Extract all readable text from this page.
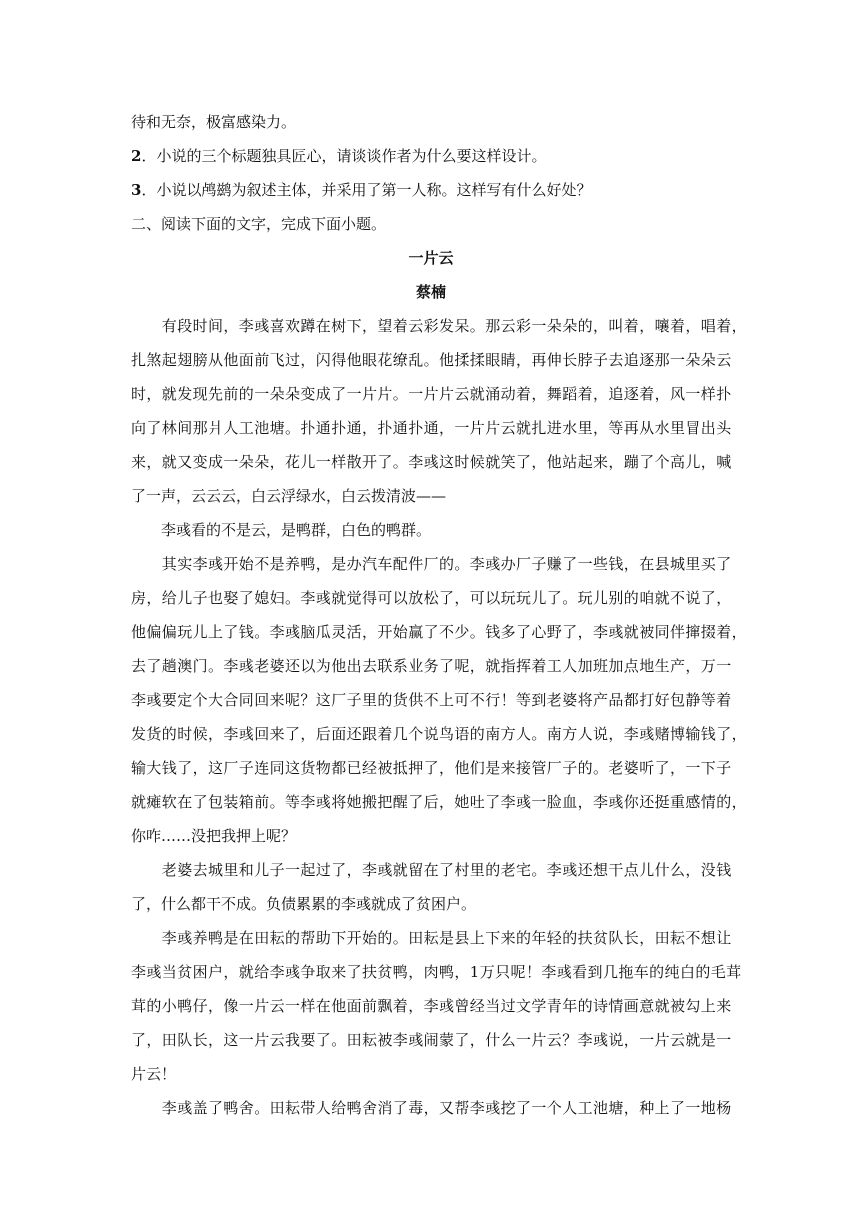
待和无奈，极富感染力。
2．小说的三个标题独具匠心，请谈谈作者为什么要这样设计。
3．小说以鸬鹚为叙述主体，并采用了第一人称。这样写有什么好处？
二、阅读下面的文字，完成下面小题。
一片云
蔡楠
　　有段时间，李彧喜欢蹲在树下，望着云彩发呆。那云彩一朵朵的，叫着，嚷着，唱着，
扎煞起翅膀从他面前飞过，闪得他眼花缭乱。他揉揉眼睛，再伸长脖子去追逐那一朵朵云
时，就发现先前的一朵朵变成了一片片。一片片云就涌动着，舞蹈着，追逐着，风一样扑
向了林间那爿人工池塘。扑通扑通，扑通扑通，一片片云就扎进水里，等再从水里冒出头
来，就又变成一朵朵，花儿一样散开了。李彧这时候就笑了，他站起来，蹦了个高儿，喊
了一声，云云云，白云浮绿水，白云拨清波——
　　李彧看的不是云，是鸭群，白色的鸭群。
　　其实李彧开始不是养鸭，是办汽车配件厂的。李彧办厂子赚了一些钱，在县城里买了
房，给儿子也娶了媳妇。李彧就觉得可以放松了，可以玩玩儿了。玩儿别的咱就不说了，
他偏偏玩儿上了钱。李彧脑瓜灵活，开始赢了不少。钱多了心野了，李彧就被同伴撺掇着，
去了趟澳门。李彧老婆还以为他出去联系业务了呢，就指挥着工人加班加点地生产，万一
李彧要定个大合同回来呢？这厂子里的货供不上可不行！等到老婆将产品都打好包静等着
发货的时候，李彧回来了，后面还跟着几个说鸟语的南方人。南方人说，李彧赌博输钱了，
输大钱了，这厂子连同这货物都已经被抵押了，他们是来接管厂子的。老婆听了，一下子
就瘫软在了包装箱前。等李彧将她搬把醒了后，她吐了李彧一脸血，李彧你还挺重感情的，
你咋……没把我押上呢？
　　老婆去城里和儿子一起过了，李彧就留在了村里的老宅。李彧还想干点儿什么，没钱
了，什么都干不成。负债累累的李彧就成了贫困户。
　　李彧养鸭是在田耘的帮助下开始的。田耘是县上下来的年轻的扶贫队长，田耘不想让
李彧当贫困户，就给李彧争取来了扶贫鸭，肉鸭，1万只呢！李彧看到几拖车的纯白的毛茸
茸的小鸭仔，像一片云一样在他面前飘着，李彧曾经当过文学青年的诗情画意就被勾上来
了，田队长，这一片云我要了。田耘被李彧闹蒙了，什么一片云？李彧说，一片云就是一
片云！
　　李彧盖了鸭舍。田耘带人给鸭舍消了毒，又帮李彧挖了一个人工池塘，种上了一地杨
